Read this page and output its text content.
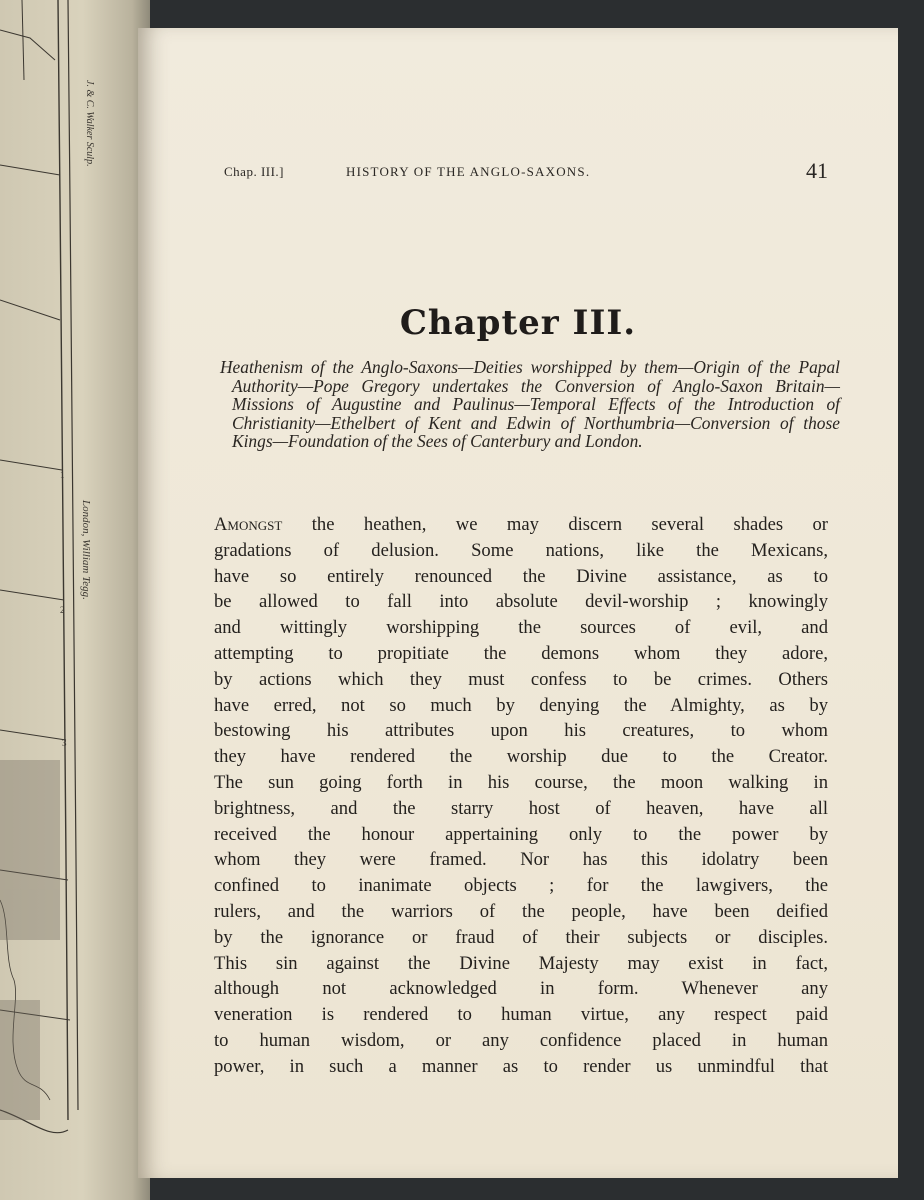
J. & C. Walker Sculp.
London, William Tegg.
1
2
3
Chap. III.]	HISTORY OF THE ANGLO-SAXONS.	41
Chapter III.

Heathenism of the Anglo-Saxons—Deities worshipped by them—Origin of the Papal Authority—Pope Gregory undertakes the Conversion of Anglo-Saxon Britain—Missions of Augustine and Paulinus—Temporal Effects of the Introduction of Christianity—Ethelbert of Kent and Edwin of Northumbria—Conversion of those Kings—Foundation of the Sees of Canterbury and London.

Amongst the heathen, we may discern several shades or
gradations of delusion. Some nations, like the Mexicans,
have so entirely renounced the Divine assistance, as to
be allowed to fall into absolute devil-worship ; knowingly
and wittingly worshipping the sources of evil, and
attempting to propitiate the demons whom they adore,
by actions which they must confess to be crimes. Others
have erred, not so much by denying the Almighty, as by
bestowing his attributes upon his creatures, to whom
they have rendered the worship due to the Creator.
The sun going forth in his course, the moon walking in
brightness, and the starry host of heaven, have all
received the honour appertaining only to the power by
whom they were framed. Nor has this idolatry been
confined to inanimate objects ; for the lawgivers, the
rulers, and the warriors of the people, have been deified
by the ignorance or fraud of their subjects or disciples.
This sin against the Divine Majesty may exist in fact,
although not acknowledged in form. Whenever any
veneration is rendered to human virtue, any respect paid
to human wisdom, or any confidence placed in human
power, in such a manner as to render us unmindful that
